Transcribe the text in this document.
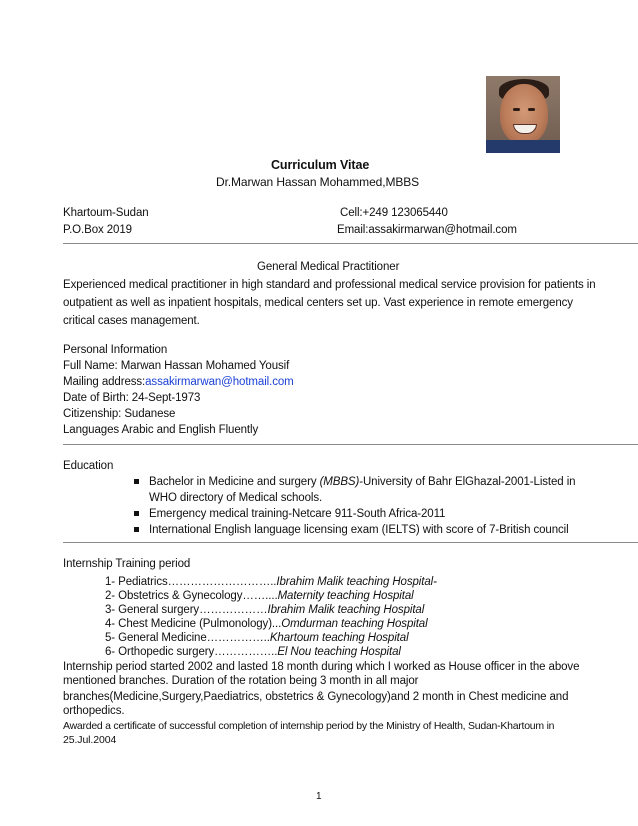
Curriculum Vitae
Dr.Marwan Hassan Mohammed,MBBS
Khartoum-Sudan	Cell:+249 123065440
P.O.Box 2019	Email:assakirmarwan@hotmail.com
General Medical Practitioner
Experienced medical practitioner in high standard and professional medical service provision for patients in
outpatient as well as inpatient hospitals, medical centers set up. Vast experience in remote emergency
critical cases management.
Personal Information
Full Name: Marwan Hassan Mohamed Yousif
Mailing address:assakirmarwan@hotmail.com
Date of Birth: 24-Sept-1973
Citizenship: Sudanese
Languages Arabic and English Fluently
Education
Bachelor in Medicine and surgery (MBBS)-University of Bahr ElGhazal-2001-Listed in
WHO directory of Medical schools.
Emergency medical training-Netcare 911-South Africa-2011
International English language licensing exam (IELTS) with score of 7-British council
Internship Training period
1- Pediatrics………………………..Ibrahim Malik teaching Hospital-
2- Obstetrics & Gynecology……....Maternity teaching Hospital
3- General surgery………………Ibrahim Malik teaching Hospital
4- Chest Medicine (Pulmonology)...Omdurman teaching Hospital
5- General Medicine……………..Khartoum teaching Hospital
6- Orthopedic surgery……………..El Nou teaching Hospital
Internship period started 2002 and lasted 18 month during which I worked as House officer in the above
mentioned branches. Duration of the rotation being 3 month in all major
branches(Medicine,Surgery,Paediatrics, obstetrics & Gynecology)and 2 month in Chest medicine and
orthopedics.
Awarded a certificate of successful completion of internship period by the Ministry of Health, Sudan-Khartoum in
25.Jul.2004
1
